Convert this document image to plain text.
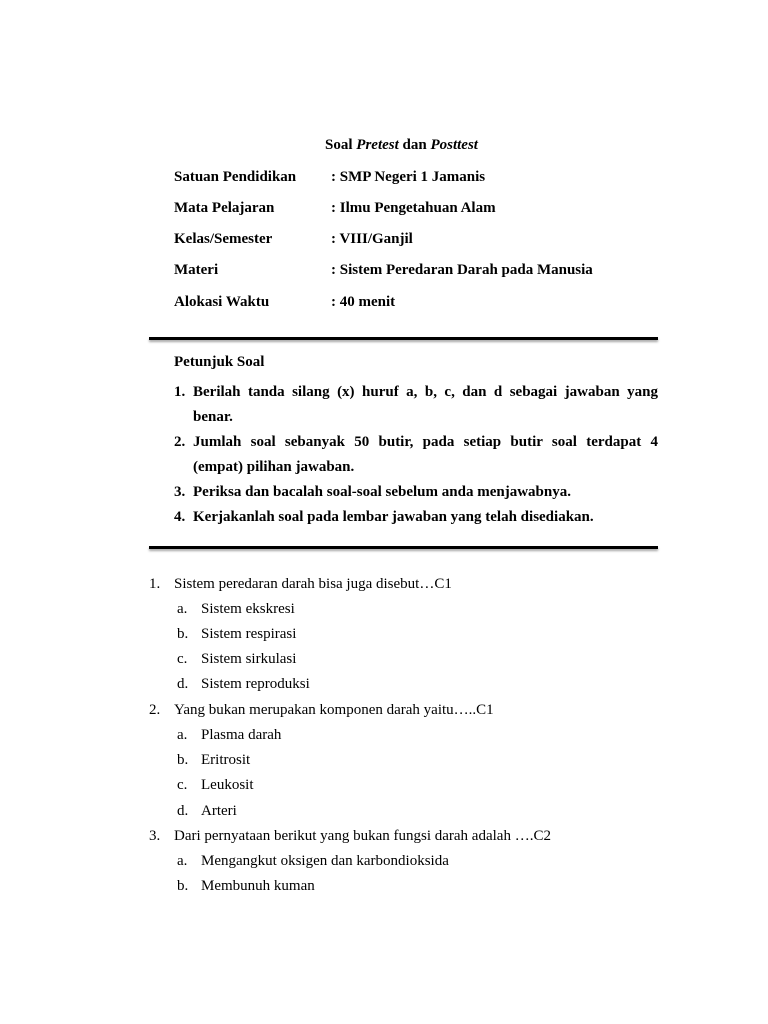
Soal Pretest dan Posttest
Satuan Pendidikan : SMP Negeri 1 Jamanis
Mata Pelajaran	: Ilmu Pengetahuan Alam
Kelas/Semester	: VIII/Ganjil
Materi	: Sistem Peredaran Darah pada Manusia
Alokasi Waktu	: 40 menit
Petunjuk Soal
1. Berilah tanda silang (x) huruf a, b, c, dan d sebagai jawaban yang
benar.
2. Jumlah soal sebanyak 50 butir, pada setiap butir soal terdapat 4
(empat) pilihan jawaban.
3. Periksa dan bacalah soal-soal sebelum anda menjawabnya.
4. Kerjakanlah soal pada lembar jawaban yang telah disediakan.
1. Sistem peredaran darah bisa juga disebut…C1
a. Sistem ekskresi
b. Sistem respirasi
c. Sistem sirkulasi
d. Sistem reproduksi
2. Yang bukan merupakan komponen darah yaitu…..C1
a. Plasma darah
b. Eritrosit
c. Leukosit
d. Arteri
3. Dari pernyataan berikut yang bukan fungsi darah adalah ….C2
a. Mengangkut oksigen dan karbondioksida
b. Membunuh kuman
